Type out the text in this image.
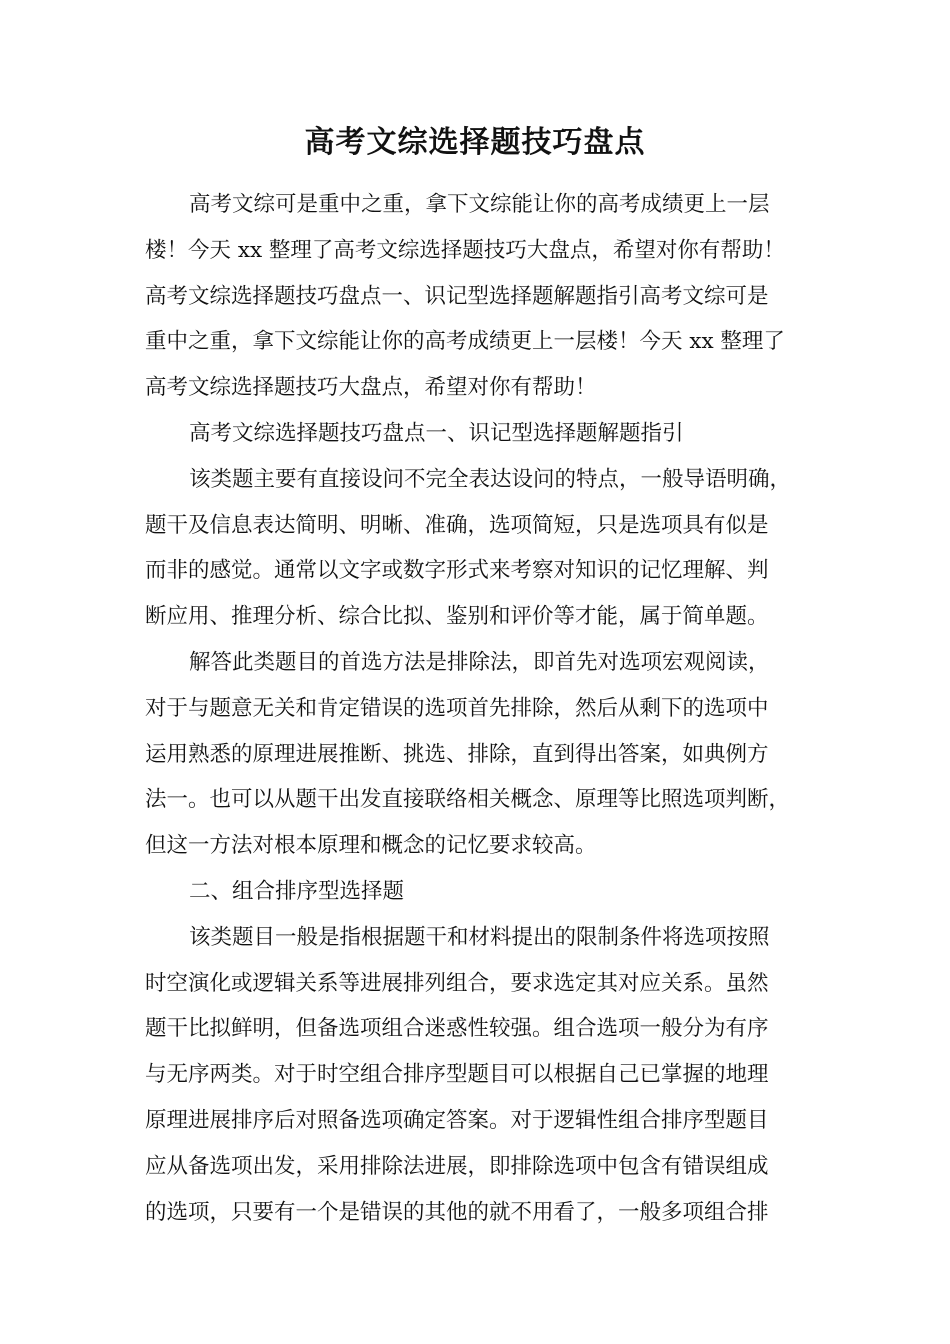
高考文综选择题技巧盘点
高考文综可是重中之重，拿下文综能让你的高考成绩更上一层
楼！今天 xx 整理了高考文综选择题技巧大盘点，希望对你有帮助！
高考文综选择题技巧盘点一、识记型选择题解题指引高考文综可是
重中之重，拿下文综能让你的高考成绩更上一层楼！今天 xx 整理了
高考文综选择题技巧大盘点，希望对你有帮助！
高考文综选择题技巧盘点一、识记型选择题解题指引
该类题主要有直接设问不完全表达设问的特点，一般导语明确，
题干及信息表达简明、明晰、准确，选项简短，只是选项具有似是
而非的感觉。通常以文字或数字形式来考察对知识的记忆理解、判
断应用、推理分析、综合比拟、鉴别和评价等才能，属于简单题。
解答此类题目的首选方法是排除法，即首先对选项宏观阅读，
对于与题意无关和肯定错误的选项首先排除，然后从剩下的选项中
运用熟悉的原理进展推断、挑选、排除，直到得出答案，如典例方
法一。也可以从题干出发直接联络相关概念、原理等比照选项判断，
但这一方法对根本原理和概念的记忆要求较高。
二、组合排序型选择题
该类题目一般是指根据题干和材料提出的限制条件将选项按照
时空演化或逻辑关系等进展排列组合，要求选定其对应关系。虽然
题干比拟鲜明，但备选项组合迷惑性较强。组合选项一般分为有序
与无序两类。对于时空组合排序型题目可以根据自己已掌握的地理
原理进展排序后对照备选项确定答案。对于逻辑性组合排序型题目
应从备选项出发，采用排除法进展，即排除选项中包含有错误组成
的选项，只要有一个是错误的其他的就不用看了，一般多项组合排
